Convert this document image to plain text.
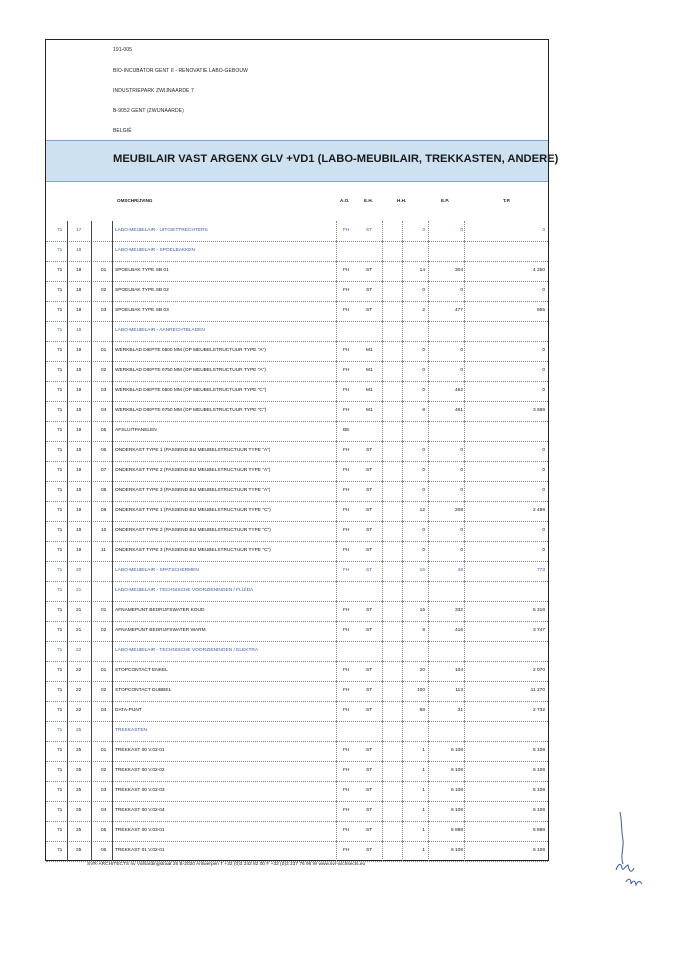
191-005
BIO-INCUBATOR GENT II - RENOVATIE LABO-GEBOUW
INDUSTRIEPARK ZWIJNAARDE 7
B-9052 GENT (ZWIJNAARDE)
BELGIË
MEUBILAIR VAST ARGENX GLV +VD1 (LABO-MEUBILAIR, TREKKASTEN, ANDERE)
OMSCHRIJVING	A.O.	E.H.	H.H.	E.P.	T.P.
71	17	LABO-MEUBILAIR - UITGIETTRECHTERS	FH	ST	0	0	0
71	18	LABO-MEUBILAIR - SPOELBAKKEN
71	18	01 SPOELBAK TYPE SB 01	FH	ST	14	304	4 250
71	18	02 SPOELBAK TYPE SB 02	FH	ST	0	0	0
71	18	03 SPOELBAK TYPE SB 03	FH	ST	2	477	955
71	19	LABO-MEUBILAIR - AANRECHTBLADEN
71	19	01 WERKBLAD DIEPTE 0600 MM (OP MEUBELSTRUCTUUR TYPE "A")	FH	M1	0	0	0
71	19	02 WERKBLAD DIEPTE 0750 MM (OP MEUBELSTRUCTUUR TYPE "A")	FH	M1	0	0	0
71	19	03 WERKBLAD DIEPTE 0600 MM (OP MEUBELSTRUCTUUR TYPE "C")	FH	M1	0	462	0
71	19	04 WERKBLAD DIEPTE 0750 MM (OP MEUBELSTRUCTUUR TYPE "C")	FH	M1	8	461	3 689
71	19	05 AFSLUITPANELEN	BE
71	19	06 ONDERKAST TYPE 1 (PASSEND BIJ MEUBELSTRUCTUUR TYPE "A")	FH	ST	0	0	0
71	19	07 ONDERKAST TYPE 2 (PASSEND BIJ MEUBELSTRUCTUUR TYPE "A")	FH	ST	0	0	0
71	19	08 ONDERKAST TYPE 3 (PASSEND BIJ MEUBELSTRUCTUUR TYPE "A")	FH	ST	0	0	0
71	19	09 ONDERKAST TYPE 1 (PASSEND BIJ MEUBELSTRUCTUUR TYPE "C")	FH	ST	12	208	2 498
71	19	10 ONDERKAST TYPE 2 (PASSEND BIJ MEUBELSTRUCTUUR TYPE "C")	FH	ST	0	0	0
71	19	11 ONDERKAST TYPE 3 (PASSEND BIJ MEUBELSTRUCTUUR TYPE "C")	FH	ST	0	0	0
71	20	LABO-MEUBILAIR - SPATSCHERMEN	FH	ST	16	48	773
71	21	LABO-MEUBILAIR - TECHNISCHE VOORZIENINGEN / FLUÏDA
71	21	01 AFNAMEPUNT BEDRIJFSWATER KOUD	FH	ST	16	332	5 318
71	21	02 AFNAMEPUNT BEDRIJFSWATER WARM	FH	ST	9	416	3 747
71	22	LABO-MEUBILAIR - TECHNISCHE VOORZIENINGEN / ELEKTRA
71	22	01 STOPCONTACT ENKEL	FH	ST	20	104	2 070
71	22	02 STOPCONTACT DUBBEL	FH	ST	100	113	11 270
71	22	04 DATA-PUNT	FH	ST	88	31	2 732
71	25	TREKKASTEN
71	25	01 TREKKAST 00 V.02-01	FH	ST	1	6 108	6 108
71	25	02 TREKKAST 00 V.02-02	FH	ST	1	6 108	6 108
71	25	03 TREKKAST 00 V.02-03	FH	ST	1	6 108	6 108
71	25	04 TREKKAST 00 V.02-04	FH	ST	1	6 108	6 108
71	25	05 TREKKAST 00 V.03-01	FH	ST	1	5 898	5 898
71	25	06 TREKKAST 01 V.02-01	FH	ST	1	6 108	6 108
SVR-ARCHITECTS nv Volhardingstraat 26 B-2020 Antwerpen T +32 (0)3 242 82 00 F +32 (0)3 237 76 98 W www.svr-architects.eu
